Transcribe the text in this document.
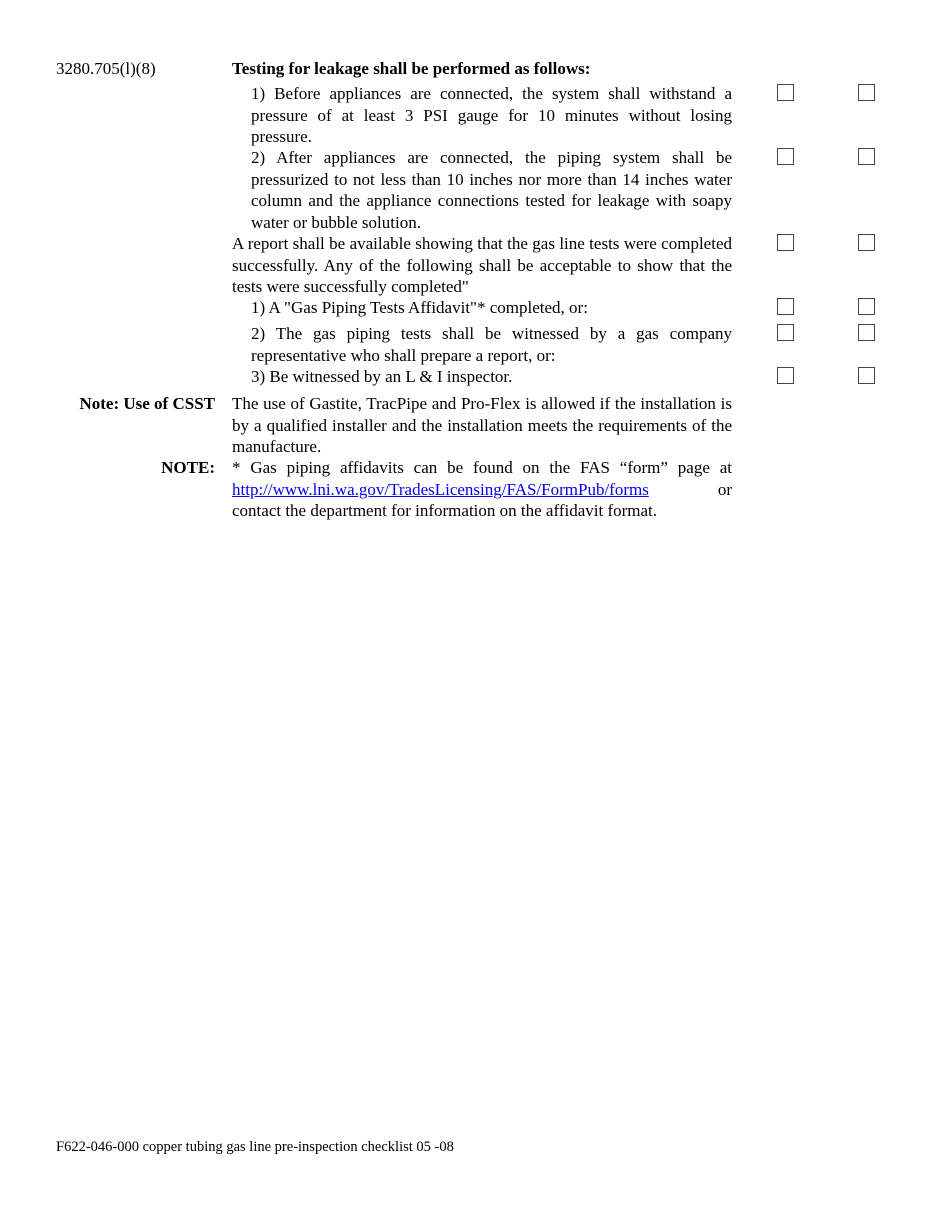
3280.705(l)(8)	Testing for leakage shall be performed as follows:
1) Before appliances are connected, the system shall withstand a pressure of at least 3 PSI gauge for 10 minutes without losing pressure.
2) After appliances are connected, the piping system shall be pressurized to not less than 10 inches nor more than 14 inches water column and the appliance connections tested for leakage with soapy water or bubble solution.
A report shall be available showing that the gas line tests were completed successfully. Any of the following shall be acceptable to show that the tests were successfully completed"
1) A "Gas Piping Tests Affidavit"* completed, or:
2) The gas piping tests shall be witnessed by a gas company representative who shall prepare a report, or:
3) Be witnessed by an L & I inspector.
Note: Use of CSST The use of Gastite, TracPipe and Pro-Flex is allowed if the installation is by a qualified installer and the installation meets the requirements of the manufacture.
NOTE: * Gas piping affidavits can be found on the FAS “form” page at
http://www.lni.wa.gov/TradesLicensing/FAS/FormPub/forms	or
contact the department for information on the affidavit format.
F622-046-000 copper tubing gas line pre-inspection checklist 05 -08
